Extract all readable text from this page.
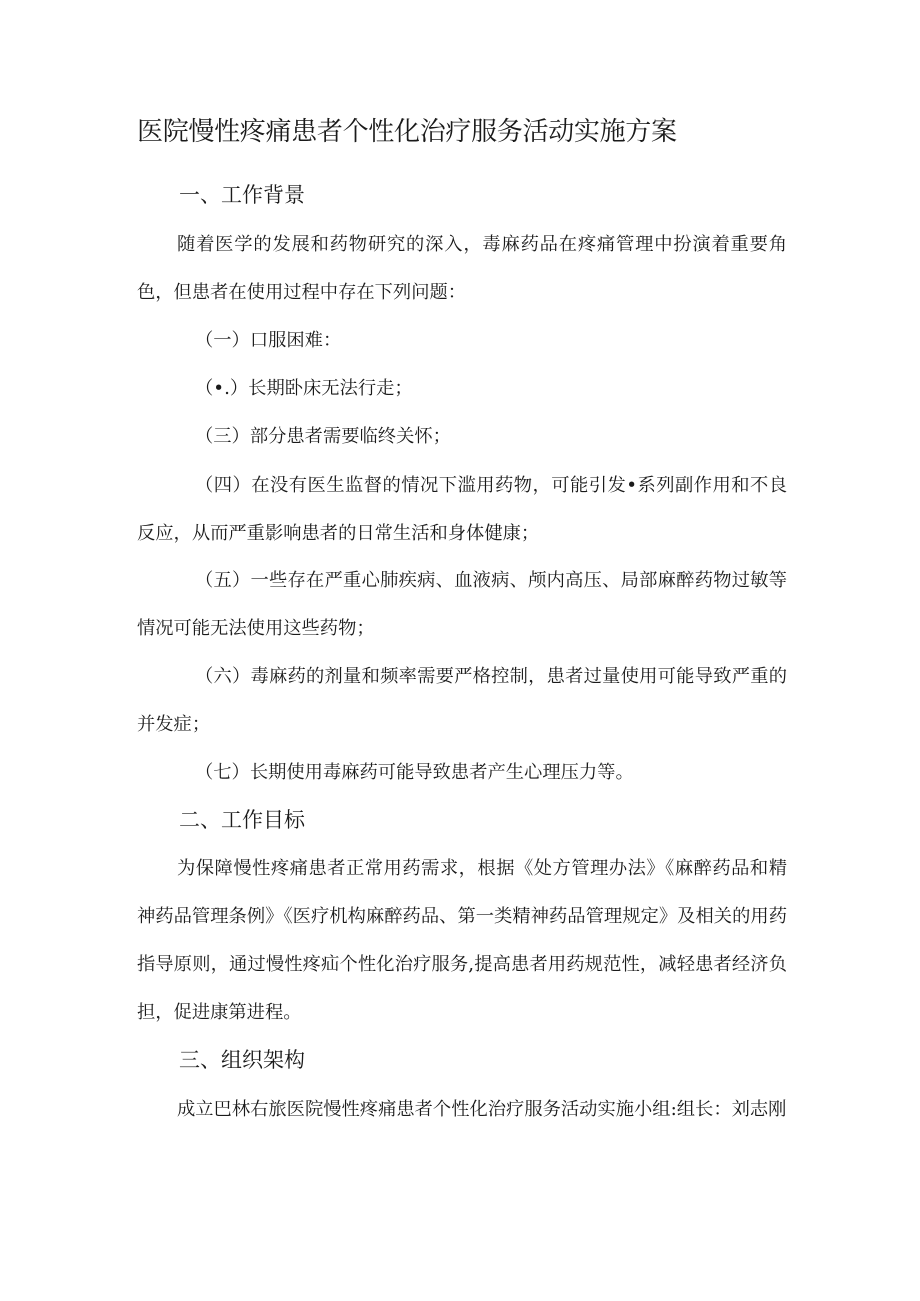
医院慢性疼痛患者个性化治疗服务活动实施方案
一、工作背景

随着医学的发展和药物研究的深入，毒麻药品在疼痛管理中扮演着重要角色，但患者在使用过程中存在下列问题：

（一）口服困难：

（•.）长期卧床无法行走；

（三）部分患者需要临终关怀；

（四）在没有医生监督的情况下滥用药物，可能引发•系列副作用和不良反应，从而严重影响患者的日常生活和身体健康；

（五）一些存在严重心肺疾病、血液病、颅内高压、局部麻醉药物过敏等情况可能无法使用这些药物；

（六）毒麻药的剂量和频率需要严格控制，患者过量使用可能导致严重的并发症；

（七）长期使用毒麻药可能导致患者产生心理压力等。

二、工作目标

为保障慢性疼痛患者正常用药需求，根据《处方管理办法》《麻醉药品和精神药品管理条例》《医疗机构麻醉药品、第一类精神药品管理规定》及相关的用药指导原则，通过慢性疼疝个性化治疗服务,提高患者用药规范性，减轻患者经济负担，促进康第进程。

三、组织架构

成立巴林右旅医院慢性疼痛患者个性化治疗服务活动实施小组:组长：刘志刚
